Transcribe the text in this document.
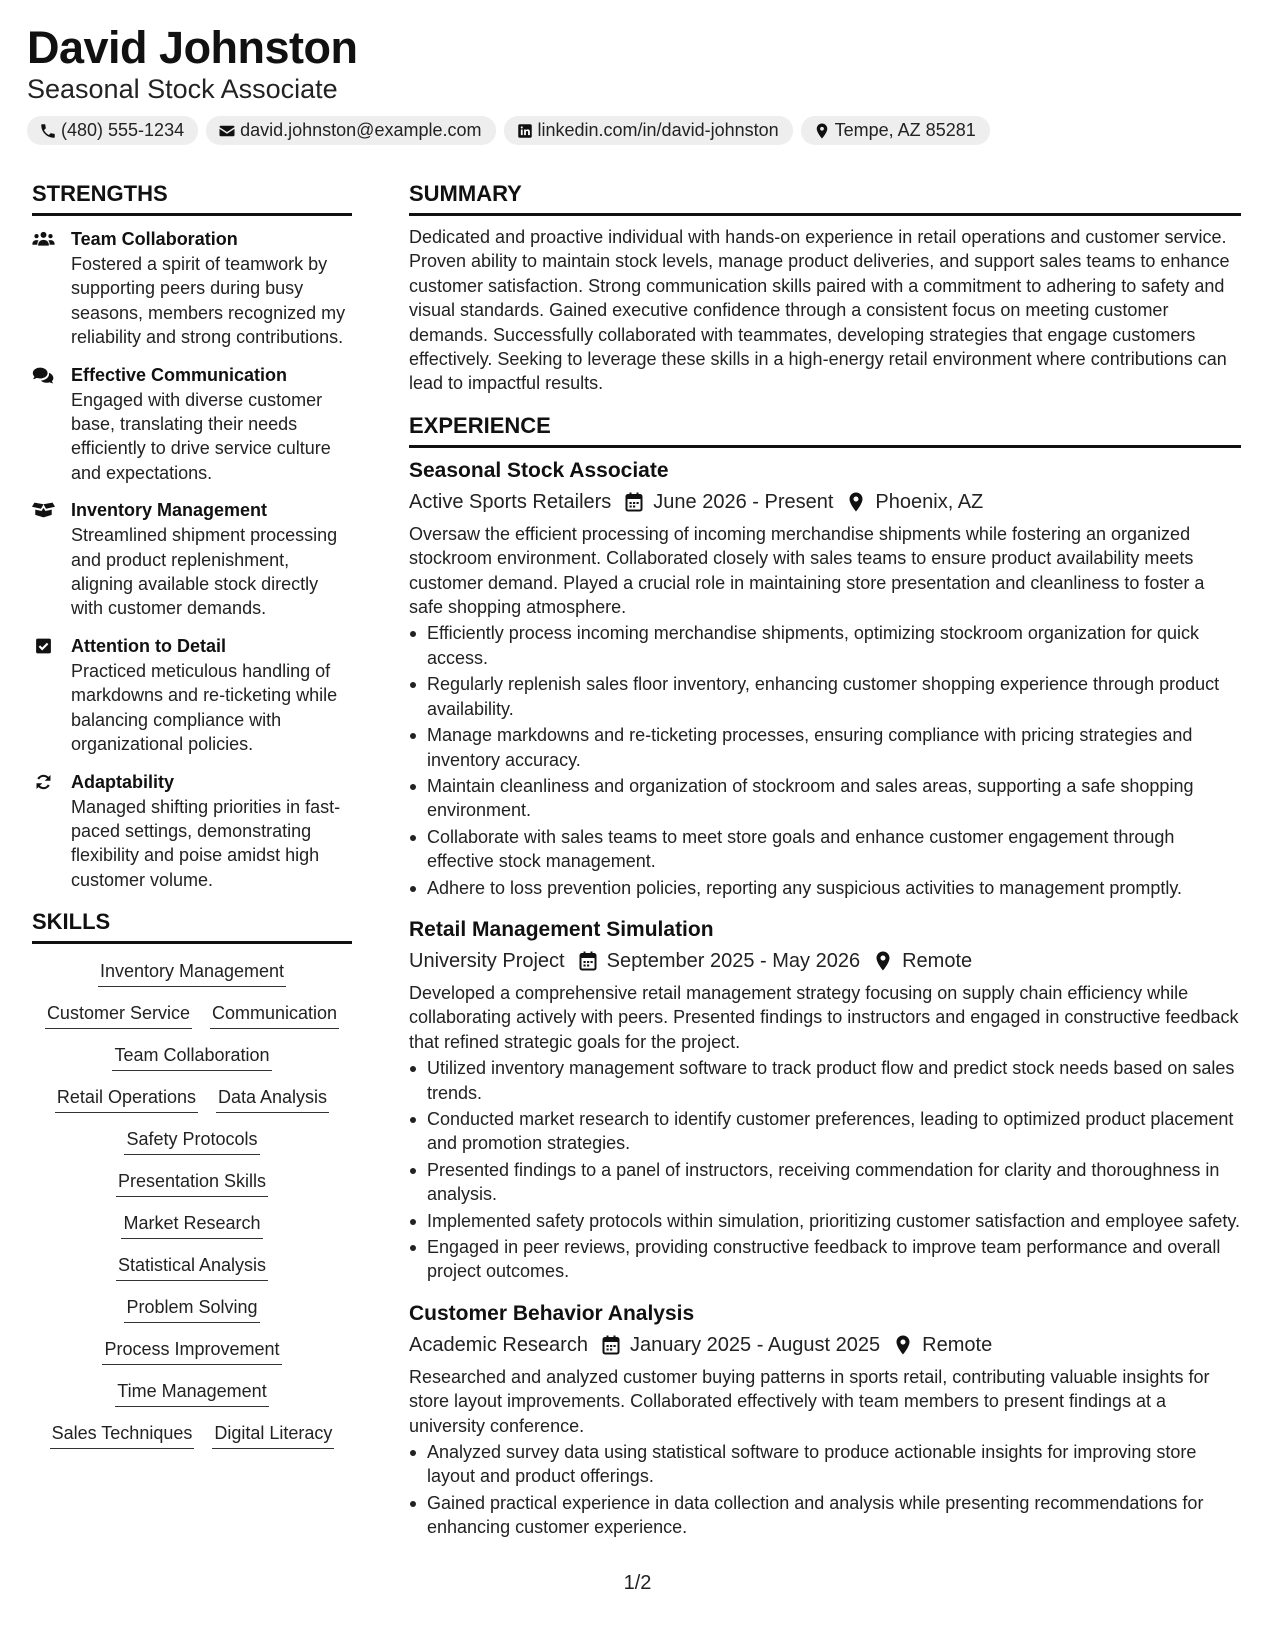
David Johnston
Seasonal Stock Associate
(480) 555-1234	david.johnston@example.com	linkedin.com/in/david-johnston	Tempe, AZ 85281
STRENGTHS
Team Collaboration
Fostered a spirit of teamwork by supporting peers during busy seasons, members recognized my reliability and strong contributions.
Effective Communication
Engaged with diverse customer base, translating their needs efficiently to drive service culture and expectations.
Inventory Management
Streamlined shipment processing and product replenishment, aligning available stock directly with customer demands.
Attention to Detail
Practiced meticulous handling of markdowns and re-ticketing while balancing compliance with organizational policies.
Adaptability
Managed shifting priorities in fast-paced settings, demonstrating flexibility and poise amidst high customer volume.
SKILLS
Inventory Management
Customer Service Communication
Team Collaboration
Retail Operations Data Analysis
Safety Protocols
Presentation Skills
Market Research
Statistical Analysis
Problem Solving
Process Improvement
Time Management
Sales Techniques Digital Literacy
SUMMARY
Dedicated and proactive individual with hands-on experience in retail operations and customer service. Proven ability to maintain stock levels, manage product deliveries, and support sales teams to enhance customer satisfaction. Strong communication skills paired with a commitment to adhering to safety and visual standards. Gained executive confidence through a consistent focus on meeting customer demands. Successfully collaborated with teammates, developing strategies that engage customers effectively. Seeking to leverage these skills in a high-energy retail environment where contributions can lead to impactful results.
EXPERIENCE
Seasonal Stock Associate
Active Sports Retailers June 2026 - Present Phoenix, AZ
Oversaw the efficient processing of incoming merchandise shipments while fostering an organized stockroom environment. Collaborated closely with sales teams to ensure product availability meets customer demand. Played a crucial role in maintaining store presentation and cleanliness to foster a safe shopping atmosphere.
Efficiently process incoming merchandise shipments, optimizing stockroom organization for quick access.
Regularly replenish sales floor inventory, enhancing customer shopping experience through product availability.
Manage markdowns and re-ticketing processes, ensuring compliance with pricing strategies and inventory accuracy.
Maintain cleanliness and organization of stockroom and sales areas, supporting a safe shopping environment.
Collaborate with sales teams to meet store goals and enhance customer engagement through effective stock management.
Adhere to loss prevention policies, reporting any suspicious activities to management promptly.
Retail Management Simulation
University Project September 2025 - May 2026 Remote
Developed a comprehensive retail management strategy focusing on supply chain efficiency while collaborating actively with peers. Presented findings to instructors and engaged in constructive feedback that refined strategic goals for the project.
Utilized inventory management software to track product flow and predict stock needs based on sales trends.
Conducted market research to identify customer preferences, leading to optimized product placement and promotion strategies.
Presented findings to a panel of instructors, receiving commendation for clarity and thoroughness in analysis.
Implemented safety protocols within simulation, prioritizing customer satisfaction and employee safety.
Engaged in peer reviews, providing constructive feedback to improve team performance and overall project outcomes.
Customer Behavior Analysis
Academic Research January 2025 - August 2025 Remote
Researched and analyzed customer buying patterns in sports retail, contributing valuable insights for store layout improvements. Collaborated effectively with team members to present findings at a university conference.
Analyzed survey data using statistical software to produce actionable insights for improving store layout and product offerings.
Gained practical experience in data collection and analysis while presenting recommendations for enhancing customer experience.
1/2
